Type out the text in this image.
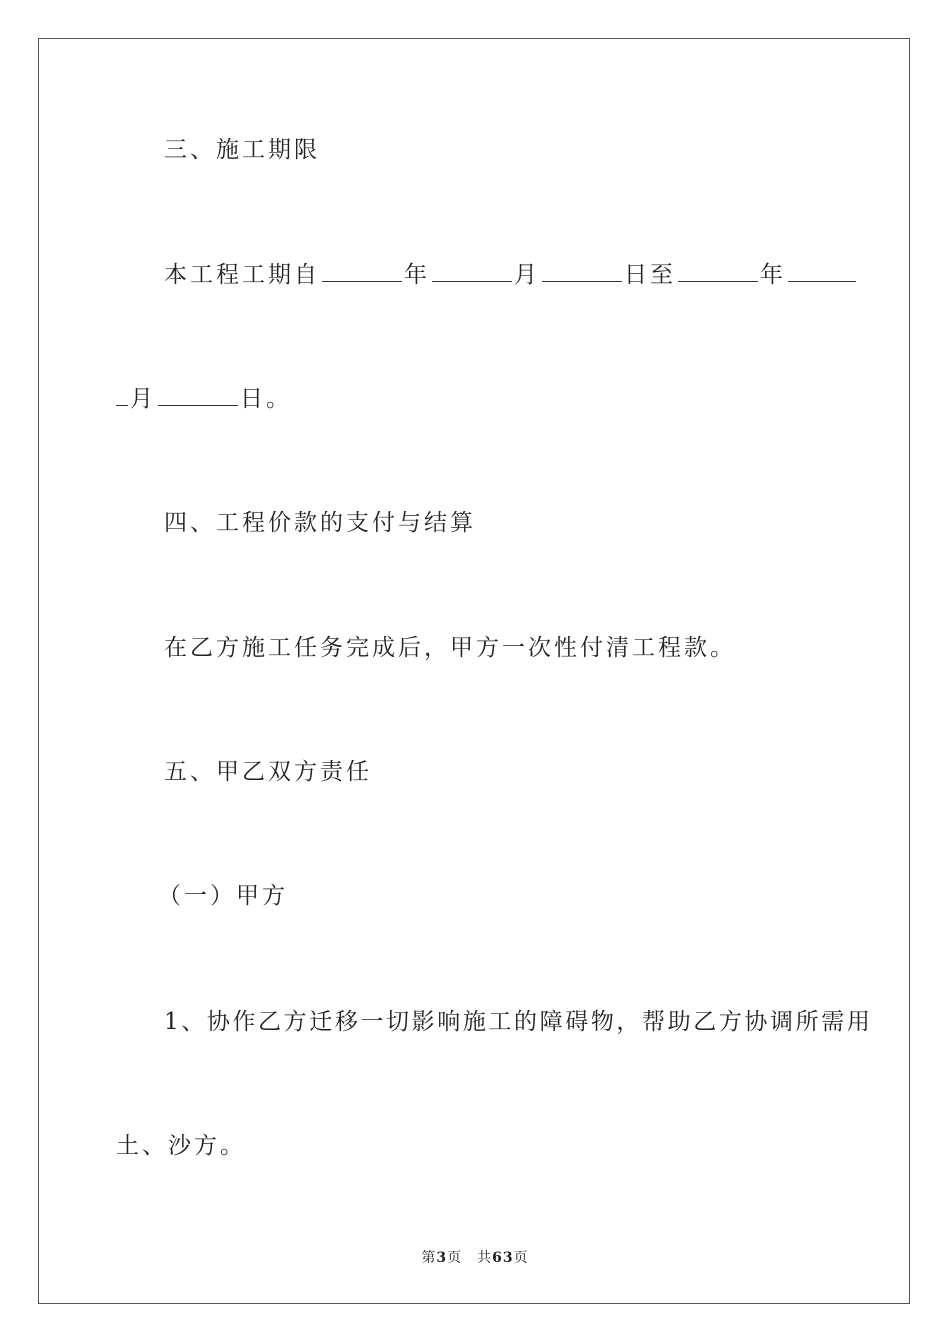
三、施工期限
本工程工期自	年	月	日至	年
月	日。
四、工程价款的支付与结算
在乙方施工任务完成后，甲方一次性付清工程款。
五、甲乙双方责任
（一）甲方
1、协作乙方迁移一切影响施工的障碍物，帮助乙方协调所需用
土、沙方。
第3页　共63页
